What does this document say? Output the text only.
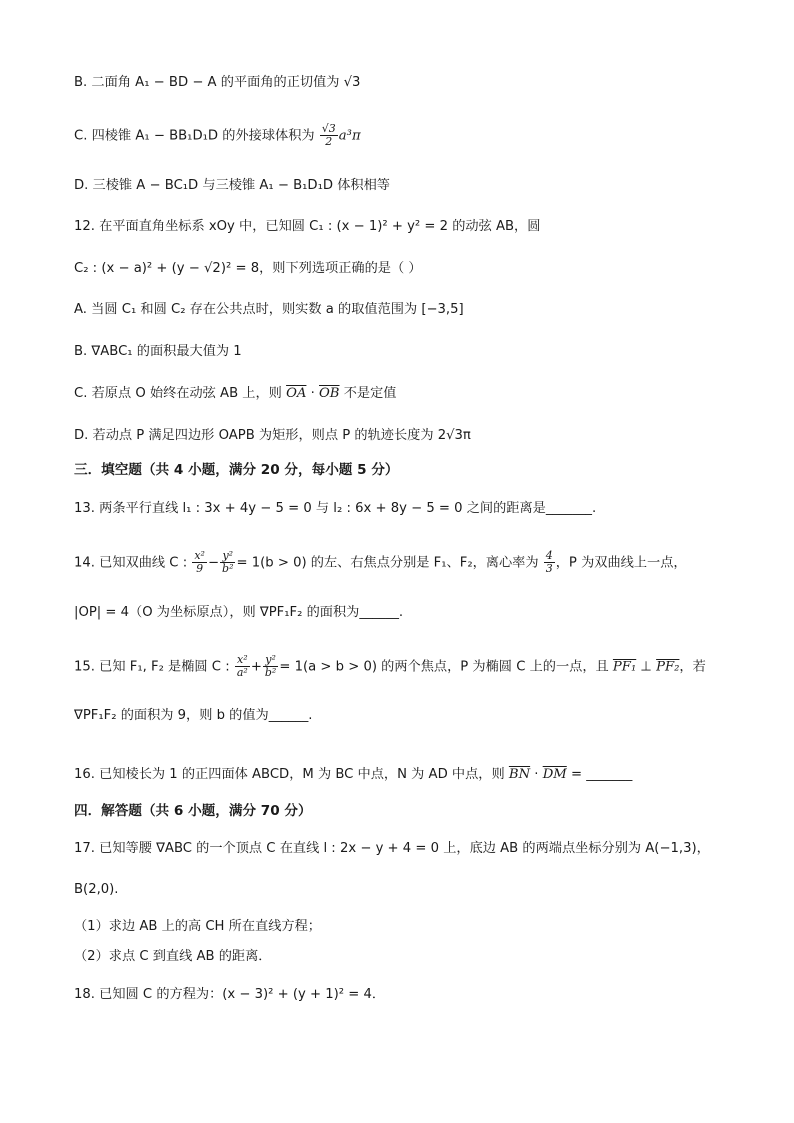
B. 二面角 A₁ − BD − A 的平面角的正切值为 √3
C. 四棱锥 A₁ − BB₁D₁D 的外接球体积为 $\frac{√3}{2} a^3\pi$
D. 三棱锥 A − BC₁D 与三棱锥 A₁ − B₁D₁D 体积相等
12. 在平面直角坐标系 xOy 中，已知圆 C₁ : (x − 1)² + y² = 2 的动弦 AB，圆
C₂ : (x − a)² + (y − √2)² = 8，则下列选项正确的是（ ）
A. 当圆 C₁ 和圆 C₂ 存在公共点时，则实数 a 的取值范围为 [−3,5]
B. ∇ABC₁ 的面积最大值为 1
C. 若原点 O 始终在动弦 AB 上，则 $\overline{OA} \cdot \overline{OB}$ 不是定值
D. 若动点 P 满足四边形 OAPB 为矩形，则点 P 的轨迹长度为 2√3π
三．填空题（共 4 小题，满分 20 分，每小题 5 分）
13. 两条平行直线 l₁ : 3x + 4y − 5 = 0 与 l₂ : 6x + 8y − 5 = 0 之间的距离是_______.
14. 已知双曲线 C : $\frac{\text{x²}}{9} - \frac{\text{y²}}{\text{b²}} = 1(b > 0)$ 的左、右焦点分别是 F₁、F₂，离心率为 $\frac{4}{3}$ ，P 为双曲线上一点，
|OP| = 4（O 为坐标原点），则 ∇PF₁F₂ 的面积为______.
15. 已知 F₁, F₂ 是椭圆 C : $\frac{\text{x²}}{\text{a²}} + \frac{\text{y²}}{\text{b²}} = 1(a > b > 0)$ 的两个焦点，P 为椭圆 C 上的一点，且 PF₁ ⊥ PF₂，若
∇PF₁F₂ 的面积为 9，则 b 的值为______.
16. 已知棱长为 1 的正四面体 ABCD，M 为 BC 中点，N 为 AD 中点，则 $\overline{BN} \cdot \overline{DM}$ = _______
四．解答题（共 6 小题，满分 70 分）
17. 已知等腰 ∇ABC 的一个顶点 C 在直线 l : 2x − y + 4 = 0 上，底边 AB 的两端点坐标分别为 A(−1,3)，
B(2,0).
（1）求边 AB 上的高 CH 所在直线方程；
（2）求点 C 到直线 AB 的距离．
18. 已知圆 C 的方程为：(x − 3)² + (y + 1)² = 4．
